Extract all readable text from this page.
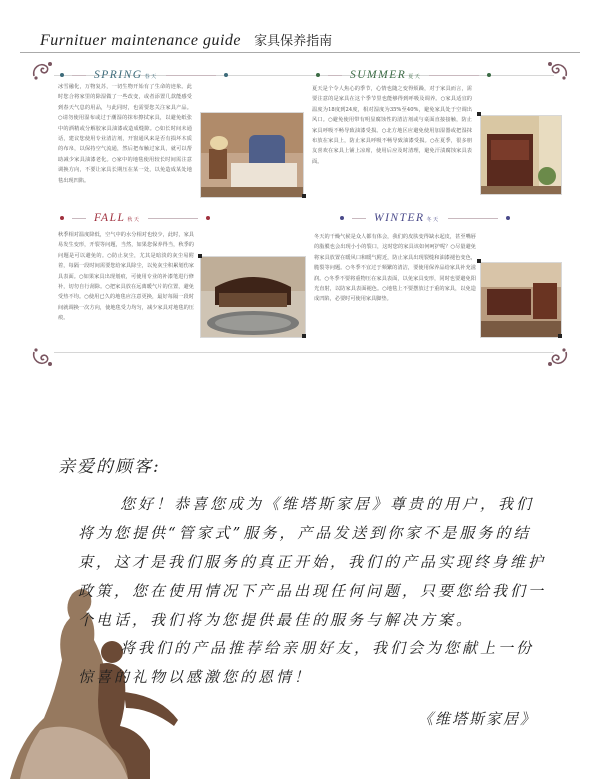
Furnituer maintenance guide 家具保养指南
SPRING 春天
冰雪融化，万物复苏，一切生物开始有了生命的迹象。此时您合将家里的除湿做了一些改变，或者添置几款能感受到春天气息的用品，与此同时，也需要您关注家具产品。○请勿使用湿布或过于潮湿的抹布擦拭家具，以避免纸张中的酒精或分解胶家具油漆或造成缝隙。○如长时间未通话，建议您使用专业清洁剂，开窗通风来是否有损坏木质的布帛，以保持空气流通，然后把布触过家具，就可以帮助减少家具油漆老化。○家中的地毯使用较长时间需注意调换方向，不要让家具长期压在某一处，以免造成某处地毯出现凹陷。
SUMMER 夏天
夏天是个令人焦心的季节，心情也随之变得烦躁，对于家具而言，需要注意的是家具在这个季节里也能够得到呼吸及调养。○家具适宜的温度为18度到24度，相对湿度为35%至40%，避免家具处于空调出风口。○避免使用带有明显腐蚀性的清洁剂或与桌面直接接触，防止家具呼吸不畅导致油漆受损。○北方地区应避免使用加湿器或把湿抹布放在家具上，防止家具呼吸不畅导致油漆受损。○在夏季，很多朋友喜欢在家具上铺上凉席，使用后应及时清理，避免汗渍腐蚀家具表面。
FALL 秋天
秋季相对温度降低，空气中的水分相对也较少，此时，家具易发生变形，开裂等问题，当然，如果您保养得当，秋季的问题是可以避免的。○防止灰尘，尤其是暗淡的灰尘易附着，每隔一段时间需要您给家具除尘，以免灰尘积累划伤家具表面。○如果家具出现划痕，可使用专业的补漆笔进行修补，切勿自行刮除。○把家具放在远离暖气片的位置，避免受热不均。○使用已久的地毯应注意更换，最好每隔一段时间就调换一次方向，使地毯受力均匀，减少家具对地毯的压痕。
WINTER 冬天
冬天的干燥气候是众人都有体会，我们的皮肤变得缺水起皮，甚至嘴唇的脂膜也会出现小小的裂口，这时您的家具该如何呵护呢？○尽量避免将家具放置在暖风口和暖气附近，防止家具出现裂缝和油漆褪色变色，脆裂等问题。○冬季不宜过于频繁的清洁，要使用保养品给家具补充滋润。○冬季不要将重物压在家具表面，以免家具变形，同时也要避免阳光直射，以防家具表面褪色。○地毯上不要摆放过于重的家具，以免造成凹陷，必要时可使用家具脚垫。
亲爱的顾客:
您好！恭喜您成为《维塔斯家居》尊贵的用户，我们将为您提供“管家式”服务，产品发送到你家不是服务的结束，这才是我们服务的真正开始，我们的产品实现终身维护政策，您在使用情况下产品出现任何问题，只要您给我们一个电话，我们将为您提供最佳的服务与解决方案。
将我们的产品推荐给亲朋好友，我们会为您献上一份惊喜的礼物以感激您的恩情！
《维塔斯家居》
